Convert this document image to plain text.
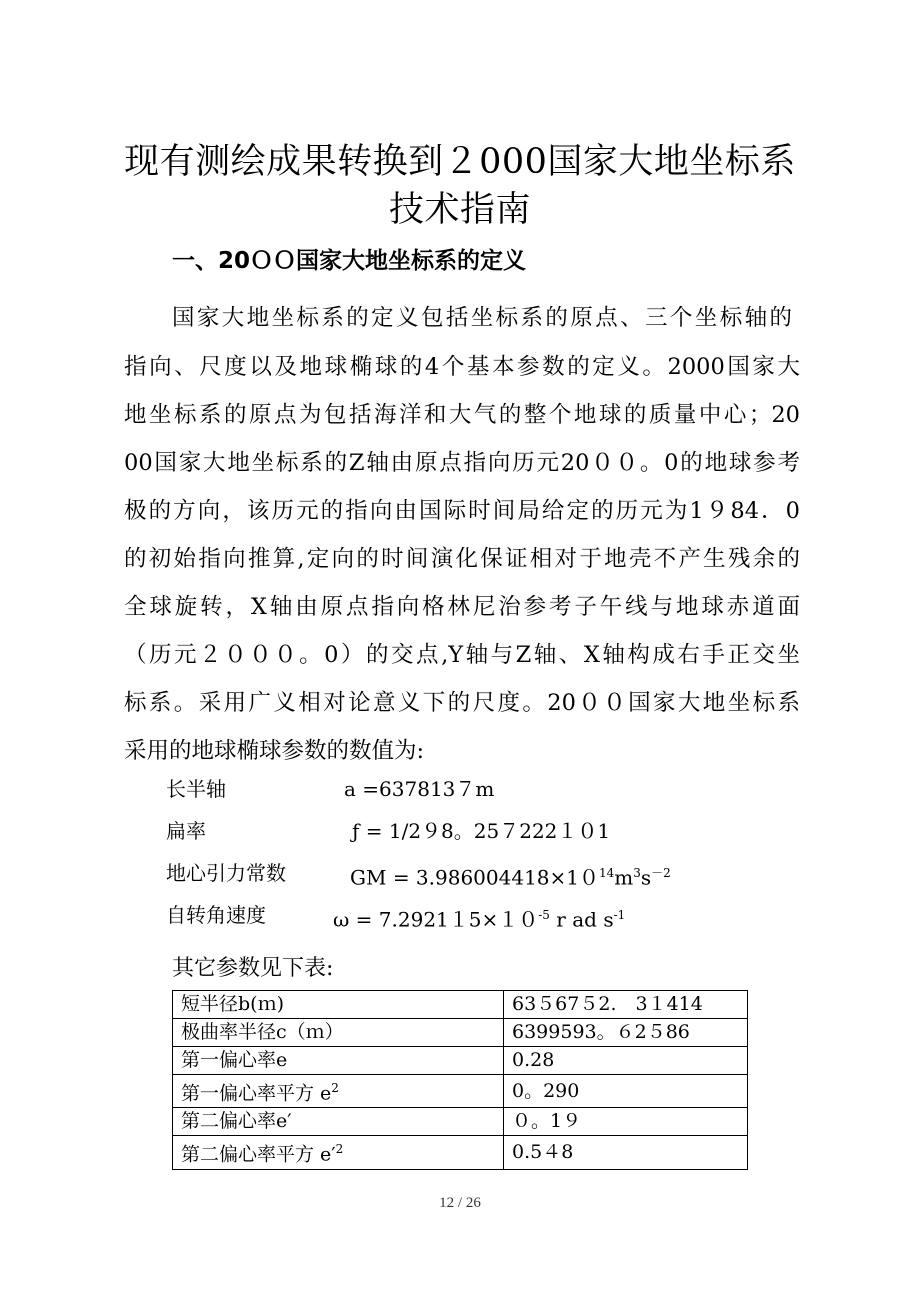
现有测绘成果转换到２000国家大地坐标系
技术指南
一、20ＯＯ国家大地坐标系的定义
国家大地坐标系的定义包括坐标系的原点、三个坐标轴的
指向、尺度以及地球椭球的4个基本参数的定义。2000国家大
地坐标系的原点为包括海洋和大气的整个地球的质量中心；20
00国家大地坐标系的Z轴由原点指向历元20００。0的地球参考
极的方向，该历元的指向由国际时间局给定的历元为1９84．0
的初始指向推算,定向的时间演化保证相对于地壳不产生残余的
全球旋转，X轴由原点指向格林尼治参考子午线与地球赤道面
（历元２０００。0）的交点,Y轴与Z轴、X轴构成右手正交坐
标系。采用广义相对论意义下的尺度。20００国家大地坐标系
采用的地球椭球参数的数值为:
长半轴	a =637813７m
扁率	ƒ = 1/2９8。25７222１０1
地心引力常数	GM = $3.986004418\times 10^{14}m^3s^{-2}$
自转角速度	$\omega = 7.292115\times 10^{-5}$ r ad $s^{-1}$
其它参数见下表:
短半径b(ｍ)	63５67５2.　3１414
极曲率半径c（ｍ）	6399593。６2５86
第一偏心率e	0.28
第一偏心率平方 $e^2$	0。290
第二偏心率e′	０。1９
第二偏心率平方 $e'^2$	0.5４8
12 / 26
